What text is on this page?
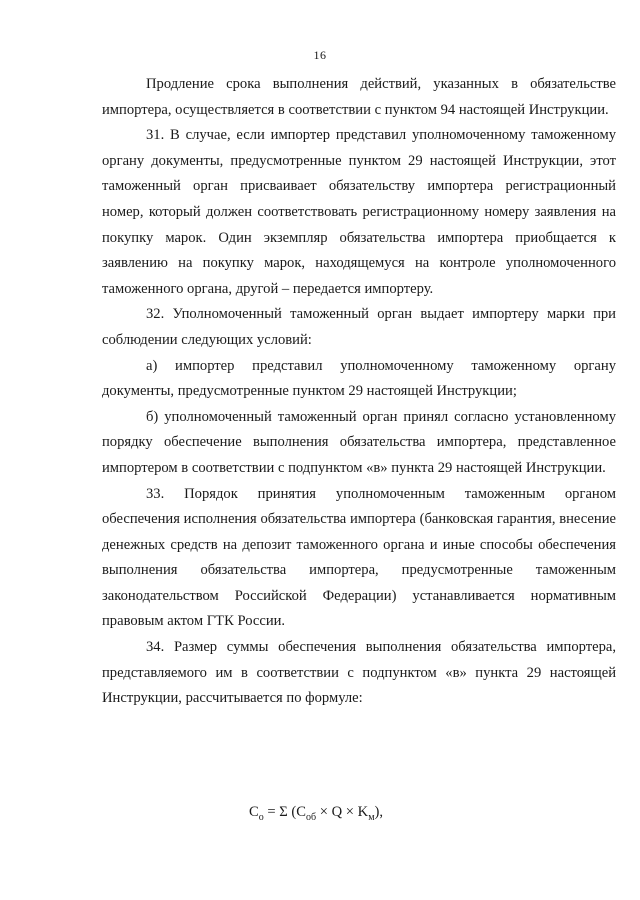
16

Продление срока выполнения действий, указанных в обязательстве импортера, осуществляется в соответствии с пунктом 94 настоящей Инструкции.

31. В случае, если импортер представил уполномоченному таможенному органу документы, предусмотренные пунктом 29 настоящей Инструкции, этот таможенный орган присваивает обязательству импортера регистрационный номер, который должен соответствовать регистрационному номеру заявления на покупку марок. Один экземпляр обязательства импортера приобщается к заявлению на покупку марок, находящемуся на контроле уполномоченного таможенного органа, другой – передается импортеру.

32. Уполномоченный таможенный орган выдает импортеру марки при соблюдении следующих условий:

а) импортер представил уполномоченному таможенному органу документы, предусмотренные пунктом 29 настоящей Инструкции;

б) уполномоченный таможенный орган принял согласно установленному порядку обеспечение выполнения обязательства импортера, представленное импортером в соответствии с подпунктом «в» пункта 29 настоящей Инструкции.

33. Порядок принятия уполномоченным таможенным органом обеспечения исполнения обязательства импортера (банковская гарантия, внесение денежных средств на депозит таможенного органа и иные способы обеспечения выполнения обязательства импортера, предусмотренные таможенным законодательством Российской Федерации) устанавливается нормативным правовым актом ГТК России.

34. Размер суммы обеспечения выполнения обязательства импортера, представляемого им в соответствии с подпунктом «в» пункта 29 настоящей Инструкции, рассчитывается по формуле:

$C_о = \Sigma$ $(C_{об} \times Q \times K_м)$,
